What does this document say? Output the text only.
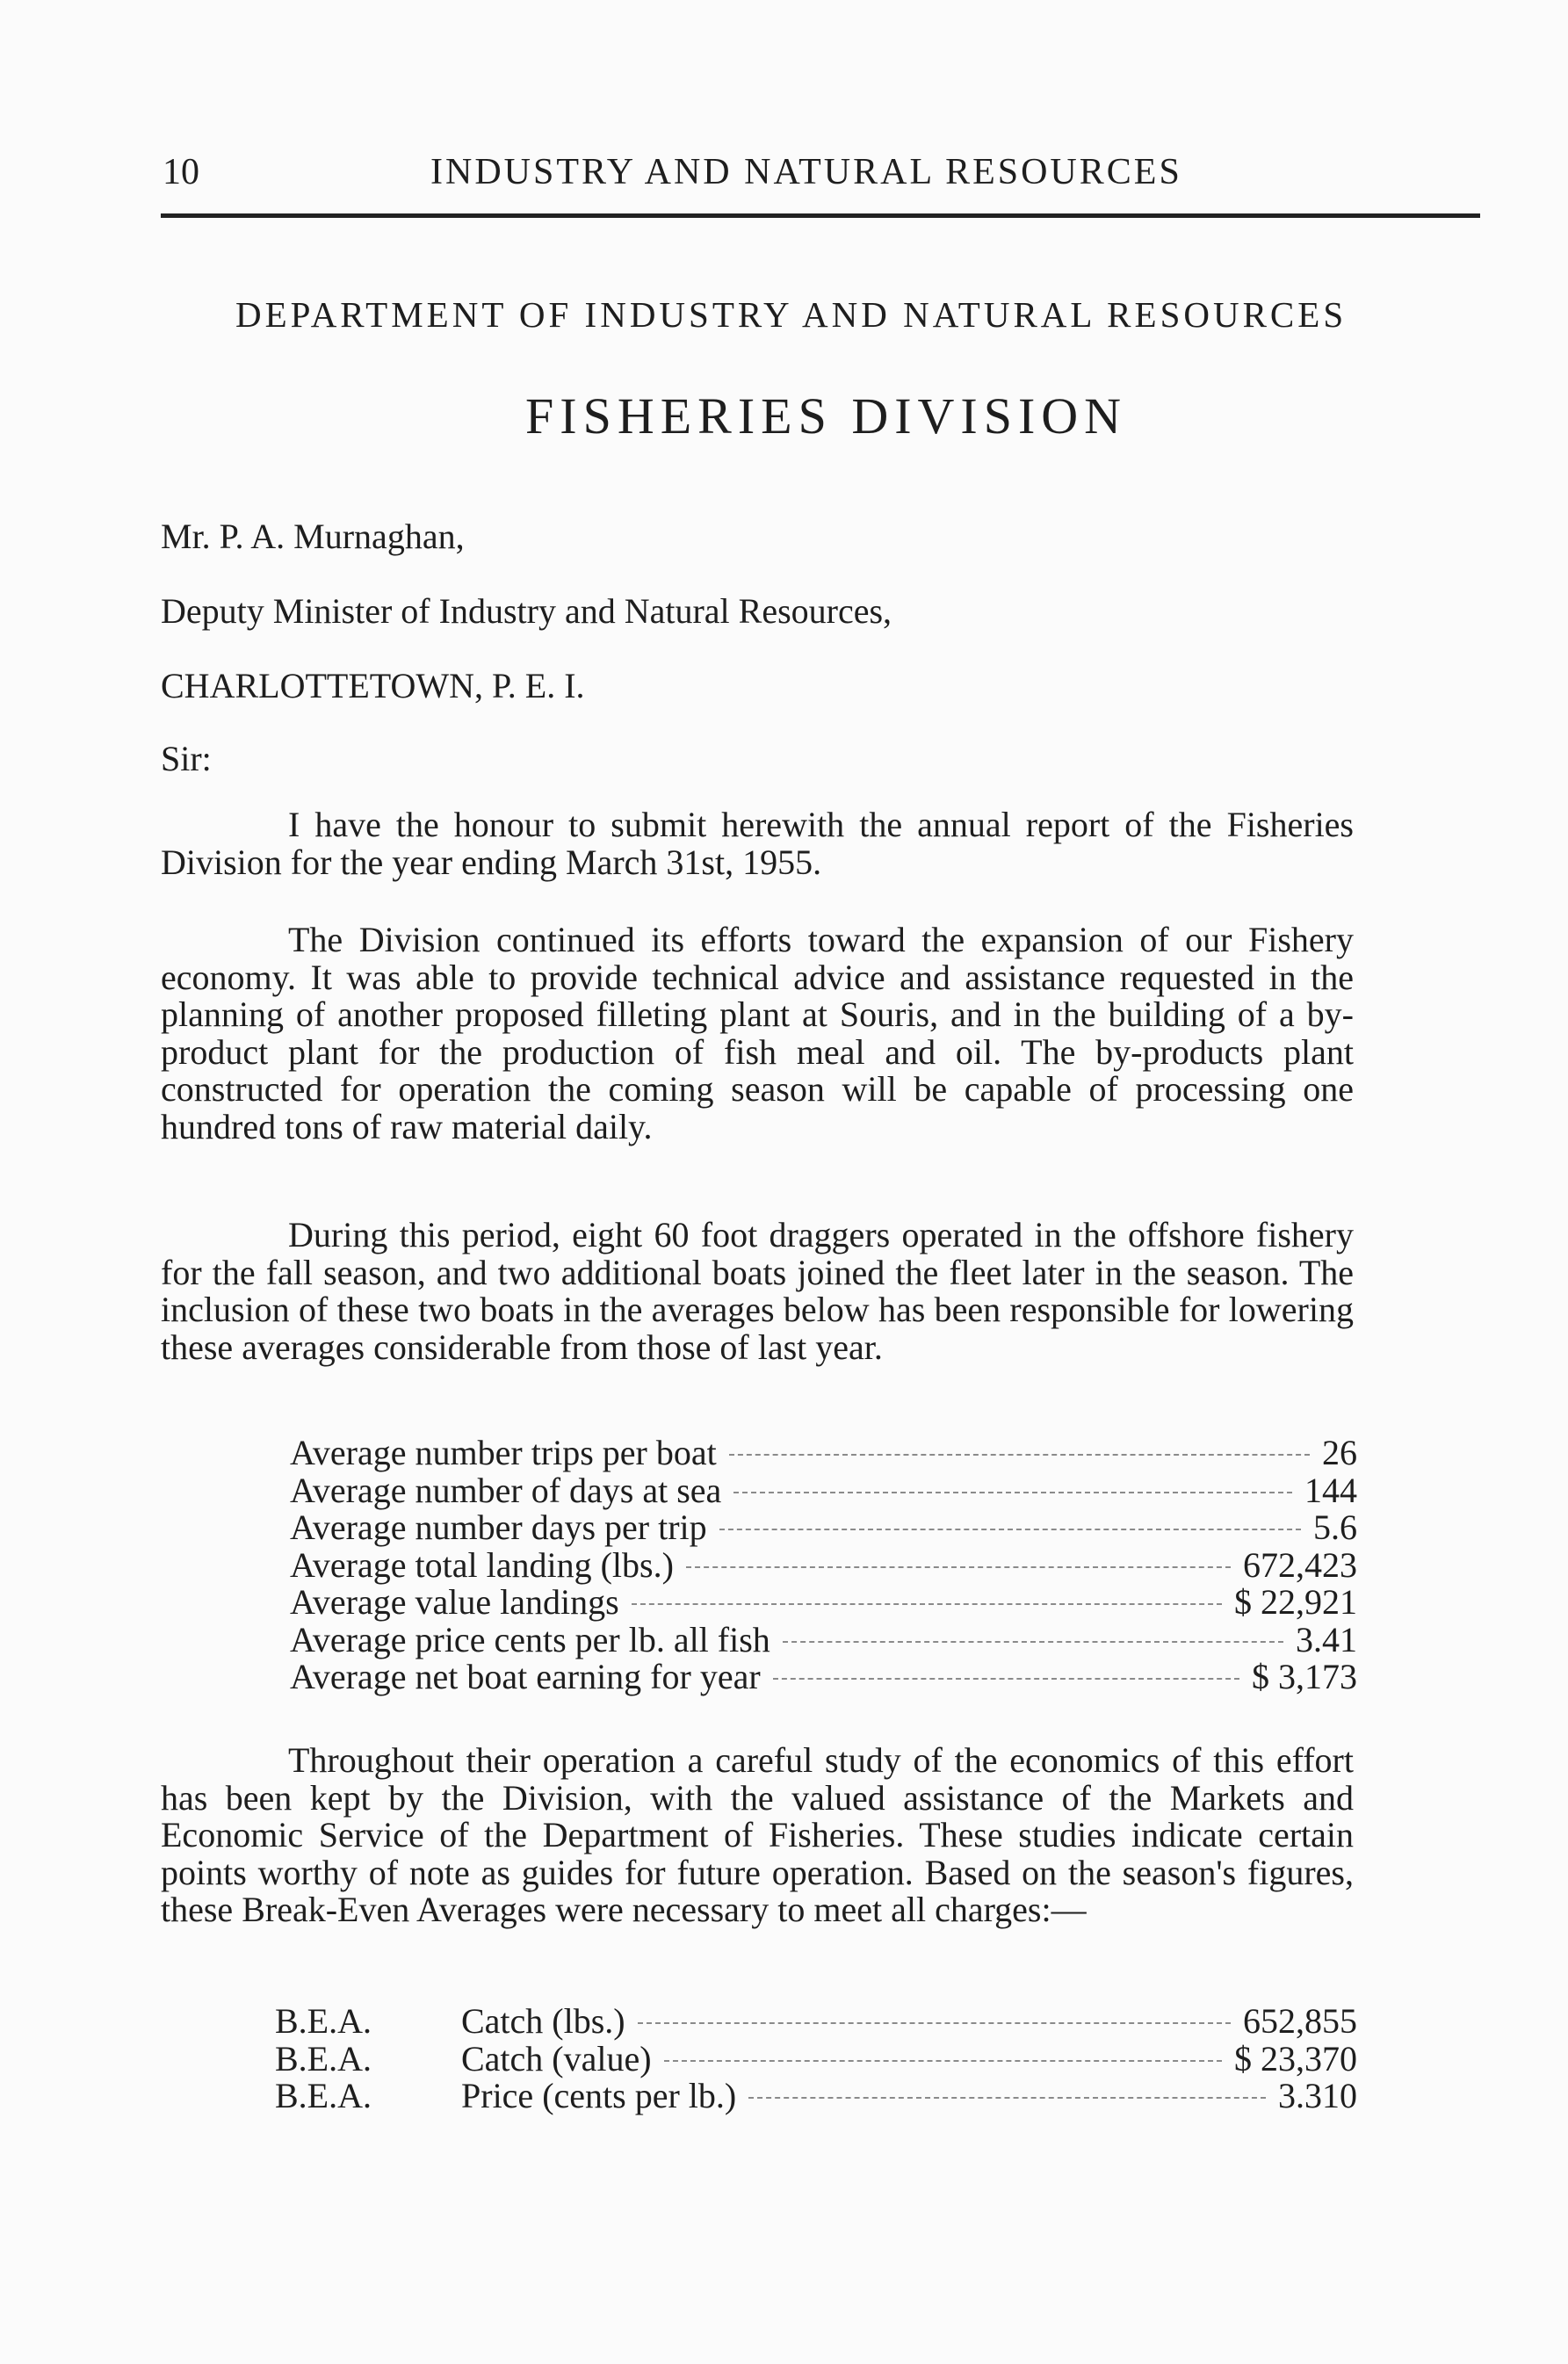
10	INDUSTRY AND NATURAL RESOURCES
DEPARTMENT OF INDUSTRY AND NATURAL RESOURCES
FISHERIES DIVISION
Mr. P. A. Murnaghan,
Deputy Minister of Industry and Natural Resources,
CHARLOTTETOWN, P. E. I.
Sir:

I have the honour to submit herewith the annual report of the Fisheries Division for the year ending March 31st, 1955.

The Division continued its efforts toward the expansion of our Fishery economy. It was able to provide technical advice and assistance requested in the planning of another proposed filleting plant at Souris, and in the building of a by-product plant for the production of fish meal and oil. The by-products plant constructed for operation the coming season will be capable of processing one hundred tons of raw material daily.

During this period, eight 60 foot draggers operated in the offshore fishery for the fall season, and two additional boats joined the fleet later in the season. The inclusion of these two boats in the averages below has been responsible for lowering these averages considerable from those of last year.

Average number trips per boat	26
Average number of days at sea	144
Average number days per trip	5.6
Average total landing (lbs.)	672,423
Average value landings	$ 22,921
Average price cents per lb. all fish	3.41
Average net boat earning for year	$ 3,173

Throughout their operation a careful study of the economics of this effort has been kept by the Division, with the valued assistance of the Markets and Economic Service of the Department of Fisheries. These studies indicate certain points worthy of note as guides for future operation. Based on the season's figures, these Break-Even Averages were necessary to meet all charges:—

B.E.A.	Catch (lbs.)	652,855
B.E.A.	Catch (value)	$ 23,370
B.E.A.	Price (cents per lb.)	3.310
